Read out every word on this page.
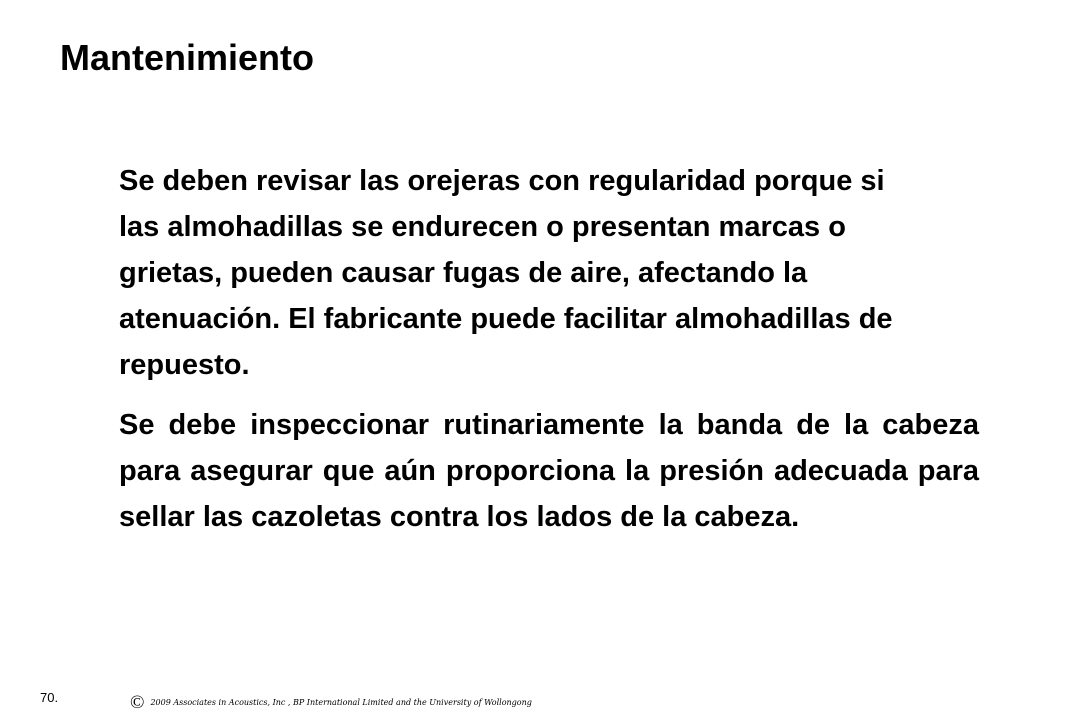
Mantenimiento

Se deben revisar las orejeras con regularidad porque si las almohadillas se endurecen o presentan marcas o grietas, pueden causar fugas de aire, afectando la atenuación. El fabricante puede facilitar almohadillas de repuesto.

Se debe inspeccionar rutinariamente la banda de la cabeza para asegurar que aún proporciona la presión adecuada para sellar las cazoletas contra los lados de la cabeza.

70.	© 2009 Associates in Acoustics, Inc , BP International Limited and the University of Wollongong
